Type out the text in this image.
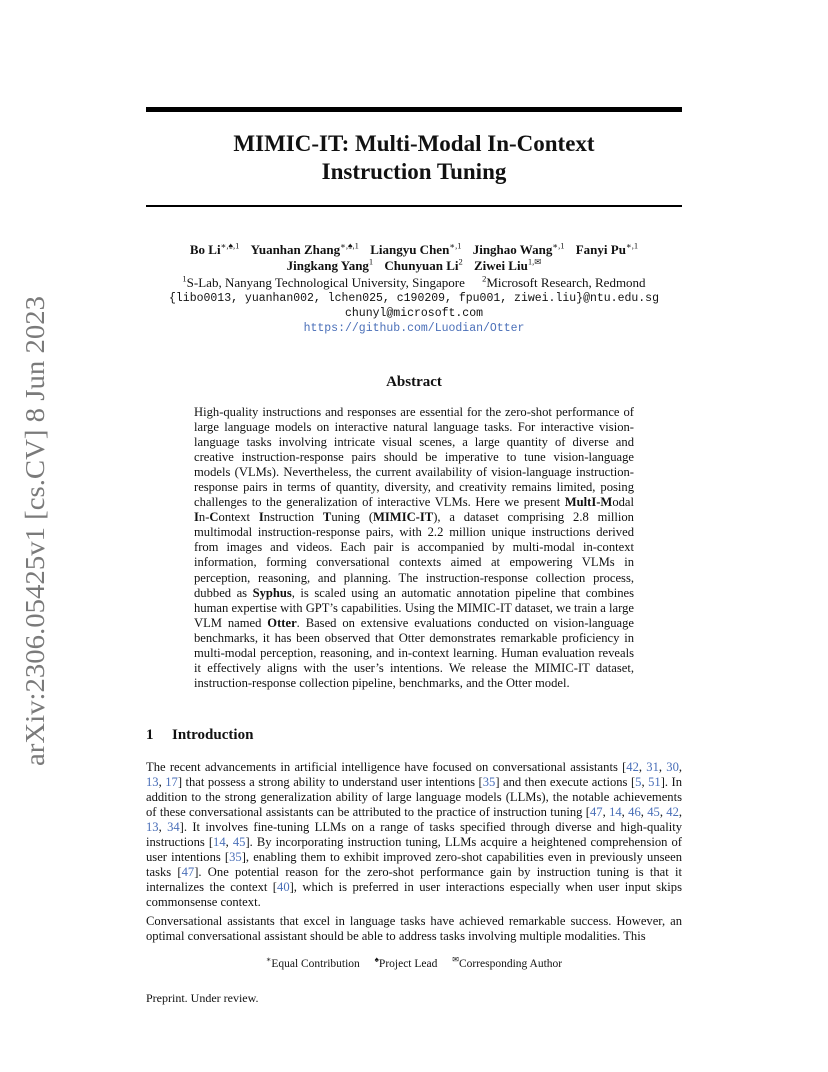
arXiv:2306.05425v1 [cs.CV] 8 Jun 2023
MIMIC-IT: Multi-Modal In-Context
Instruction Tuning
Bo $Li^{∗,♠,1}$ Yuanhan Zhang$^{∗,♠,1}$ Liangyu Chen$^{∗,1}$ Jinghao Wang$^{∗,1}$ Fanyi $Pu^{∗,1}$
Jingkang Yang$^1$ Chunyuan Li$^2$ Ziwei Liu$^{1,✉}$
$^1$S-Lab, Nanyang Technological University, Singapore $^2$Microsoft Research, Redmond
{libo0013, yuanhan002, lchen025, c190209, fpu001, ziwei.liu}@ntu.edu.sg
chunyl@microsoft.com
https://github.com/Luodian/Otter
Abstract
High-quality instructions and responses are essential for the zero-shot performance of large language models on interactive natural language tasks. For interactive vision-language tasks involving intricate visual scenes, a large quantity of diverse and creative instruction-response pairs should be imperative to tune vision-language models (VLMs). Nevertheless, the current availability of vision-language instruction-response pairs in terms of quantity, diversity, and creativity remains limited, posing challenges to the generalization of interactive VLMs. Here we present MultI-Modal In-Context Instruction Tuning (MIMIC-IT), a dataset comprising 2.8 million multimodal instruction-response pairs, with 2.2 million unique instructions derived from images and videos. Each pair is accompanied by multi-modal in-context information, forming conversational contexts aimed at empowering VLMs in perception, reasoning, and planning. The instruction-response collection process, dubbed as Syphus, is scaled using an automatic annotation pipeline that combines human expertise with GPT’s capabilities. Using the MIMIC-IT dataset, we train a large VLM named Otter. Based on extensive evaluations conducted on vision-language benchmarks, it has been observed that Otter demonstrates remarkable proficiency in multi-modal perception, reasoning, and in-context learning. Human evaluation reveals it effectively aligns with the user’s intentions. We release the MIMIC-IT dataset, instruction-response collection pipeline, benchmarks, and the Otter model.
1 Introduction
The recent advancements in artificial intelligence have focused on conversational assistants [42, 31, 30, 13, 17] that possess a strong ability to understand user intentions [35] and then execute actions [5, 51]. In addition to the strong generalization ability of large language models (LLMs), the notable achievements of these conversational assistants can be attributed to the practice of instruction tuning [47, 14, 46, 45, 42, 13, 34]. It involves fine-tuning LLMs on a range of tasks specified through diverse and high-quality instructions [14, 45]. By incorporating instruction tuning, LLMs acquire a heightened comprehension of user intentions [35], enabling them to exhibit improved zero-shot capabilities even in previously unseen tasks [47]. One potential reason for the zero-shot performance gain by instruction tuning is that it internalizes the context [40], which is preferred in user interactions especially when user input skips commonsense context.
Conversational assistants that excel in language tasks have achieved remarkable success. However, an optimal conversational assistant should be able to address tasks involving multiple modalities. This
∗Equal Contribution ♠Project Lead ✉Corresponding Author
Preprint. Under review.
